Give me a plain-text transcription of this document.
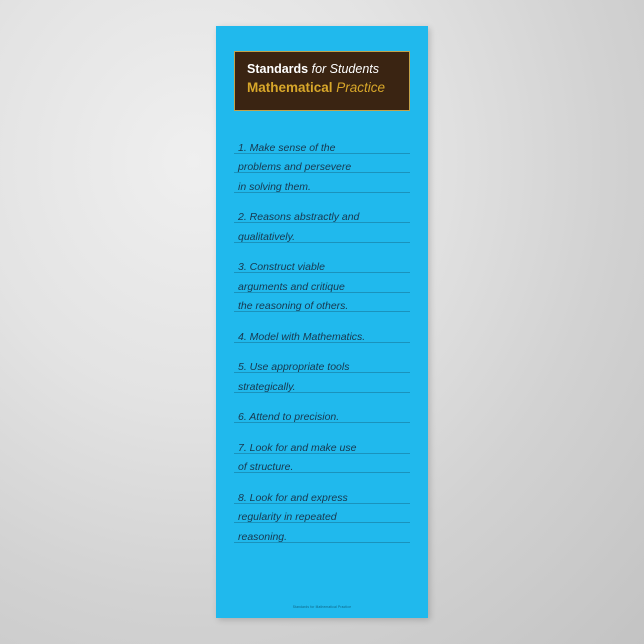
Standards for Students
Mathematical Practice
1. Make sense of the
problems and persevere
in solving them.
2. Reasons abstractly and
qualitatively.
3. Construct viable
arguments and critique
the reasoning of others.
4. Model with Mathematics.
5. Use appropriate tools
strategically.
6. Attend to precision.
7. Look for and make use
of structure.
8. Look for and express
regularity in repeated
reasoning.
Standards for Mathematical Practice
